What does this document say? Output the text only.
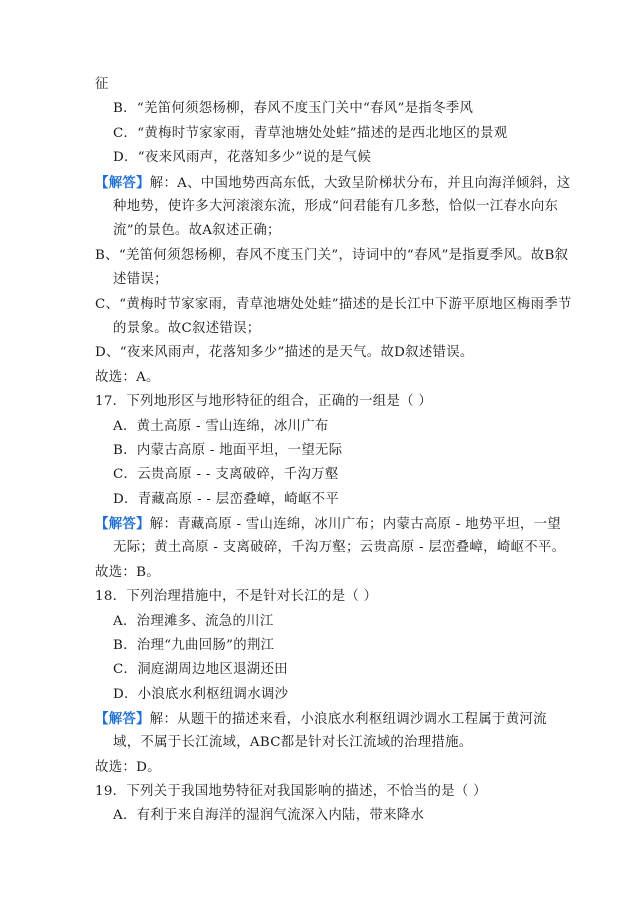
征
B．“羌笛何须怨杨柳，春风不度玉门关中“春风”是指冬季风
C．“黄梅时节家家雨，青草池塘处处蛙”描述的是西北地区的景观
D．“夜来风雨声，花落知多少”说的是气候
【解答】解：A、中国地势西高东低，大致呈阶梯状分布，并且向海洋倾斜，这
种地势，使许多大河滚滚东流，形成“问君能有几多愁，恰似一江春水向东
流”的景色。故A叙述正确；
B、“羌笛何须怨杨柳，春风不度玉门关”，诗词中的“春风”是指夏季风。故B叙
述错误；
C、“黄梅时节家家雨，青草池塘处处蛙”描述的是长江中下游平原地区梅雨季节
的景象。故C叙述错误；
D、“夜来风雨声，花落知多少”描述的是天气。故D叙述错误。
故选：A。
17．下列地形区与地形特征的组合，正确的一组是（ ）
A．黄土高原 - 雪山连绵，冰川广布
B．内蒙古高原 - 地面平坦，一望无际
C．云贵高原 - - 支离破碎，千沟万壑
D．青藏高原 - - 层峦叠嶂，崎岖不平
【解答】解：青藏高原 - 雪山连绵，冰川广布；内蒙古高原 - 地势平坦，一望
无际；黄土高原 - 支离破碎，千沟万壑；云贵高原 - 层峦叠嶂，崎岖不平。
故选：B。
18．下列治理措施中，不是针对长江的是（ ）
A．治理滩多、流急的川江
B．治理“九曲回肠”的荆江
C．洞庭湖周边地区退湖还田
D．小浪底水利枢纽调水调沙
【解答】解：从题干的描述来看，小浪底水利枢纽调沙调水工程属于黄河流
域，不属于长江流域，ABC都是针对长江流域的治理措施。
故选：D。
19．下列关于我国地势特征对我国影响的描述，不恰当的是（ ）
A．有利于来自海洋的湿润气流深入内陆，带来降水
